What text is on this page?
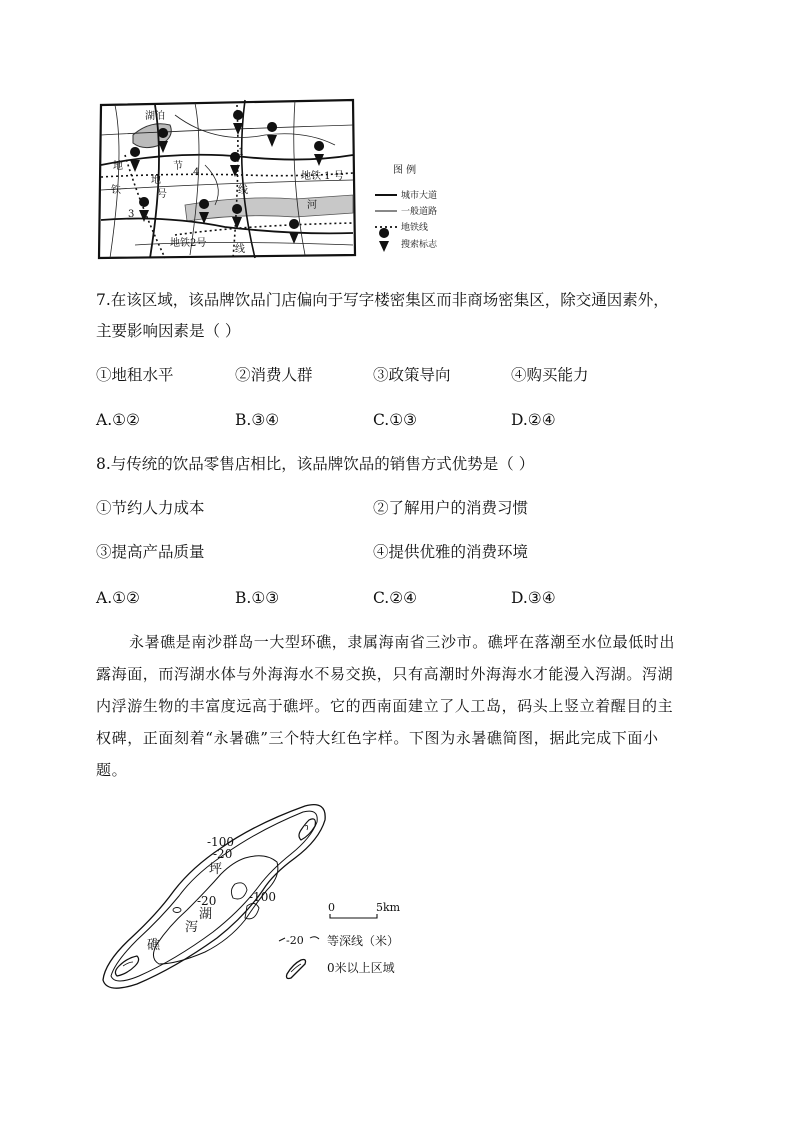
湖泊
地
铁
地
4
节
3
号
1
线
地铁 1 号
地铁2号
河
线
图 例
城市大道
一般道路
地铁线
搜索标志
7.在该区域，该品牌饮品门店偏向于写字楼密集区而非商场密集区，除交通因素外，
主要影响因素是（ ）
①地租水平	②消费人群	③政策导向	④购买能力
A.①②	B.③④	C.①③	D.②④
8.与传统的饮品零售店相比，该品牌饮品的销售方式优势是（ ）
①节约人力成本	②了解用户的消费习惯
③提高产品质量	④提供优雅的消费环境
A.①②	B.①③	C.②④	D.③④
永暑礁是南沙群岛一大型环礁，隶属海南省三沙市。礁坪在落潮至水位最低时出
露海面，而泻湖水体与外海海水不易交换，只有高潮时外海海水才能漫入泻湖。泻湖
内浮游生物的丰富度远高于礁坪。它的西南面建立了人工岛，码头上竖立着醒目的主
权碑，正面刻着“永暑礁”三个特大红色字样。下图为永暑礁简图，据此完成下面小
题。
-100
-20
坪
-20	-100
湖
泻
礁
0	5km
-20 等深线（米）
0米以上区域
